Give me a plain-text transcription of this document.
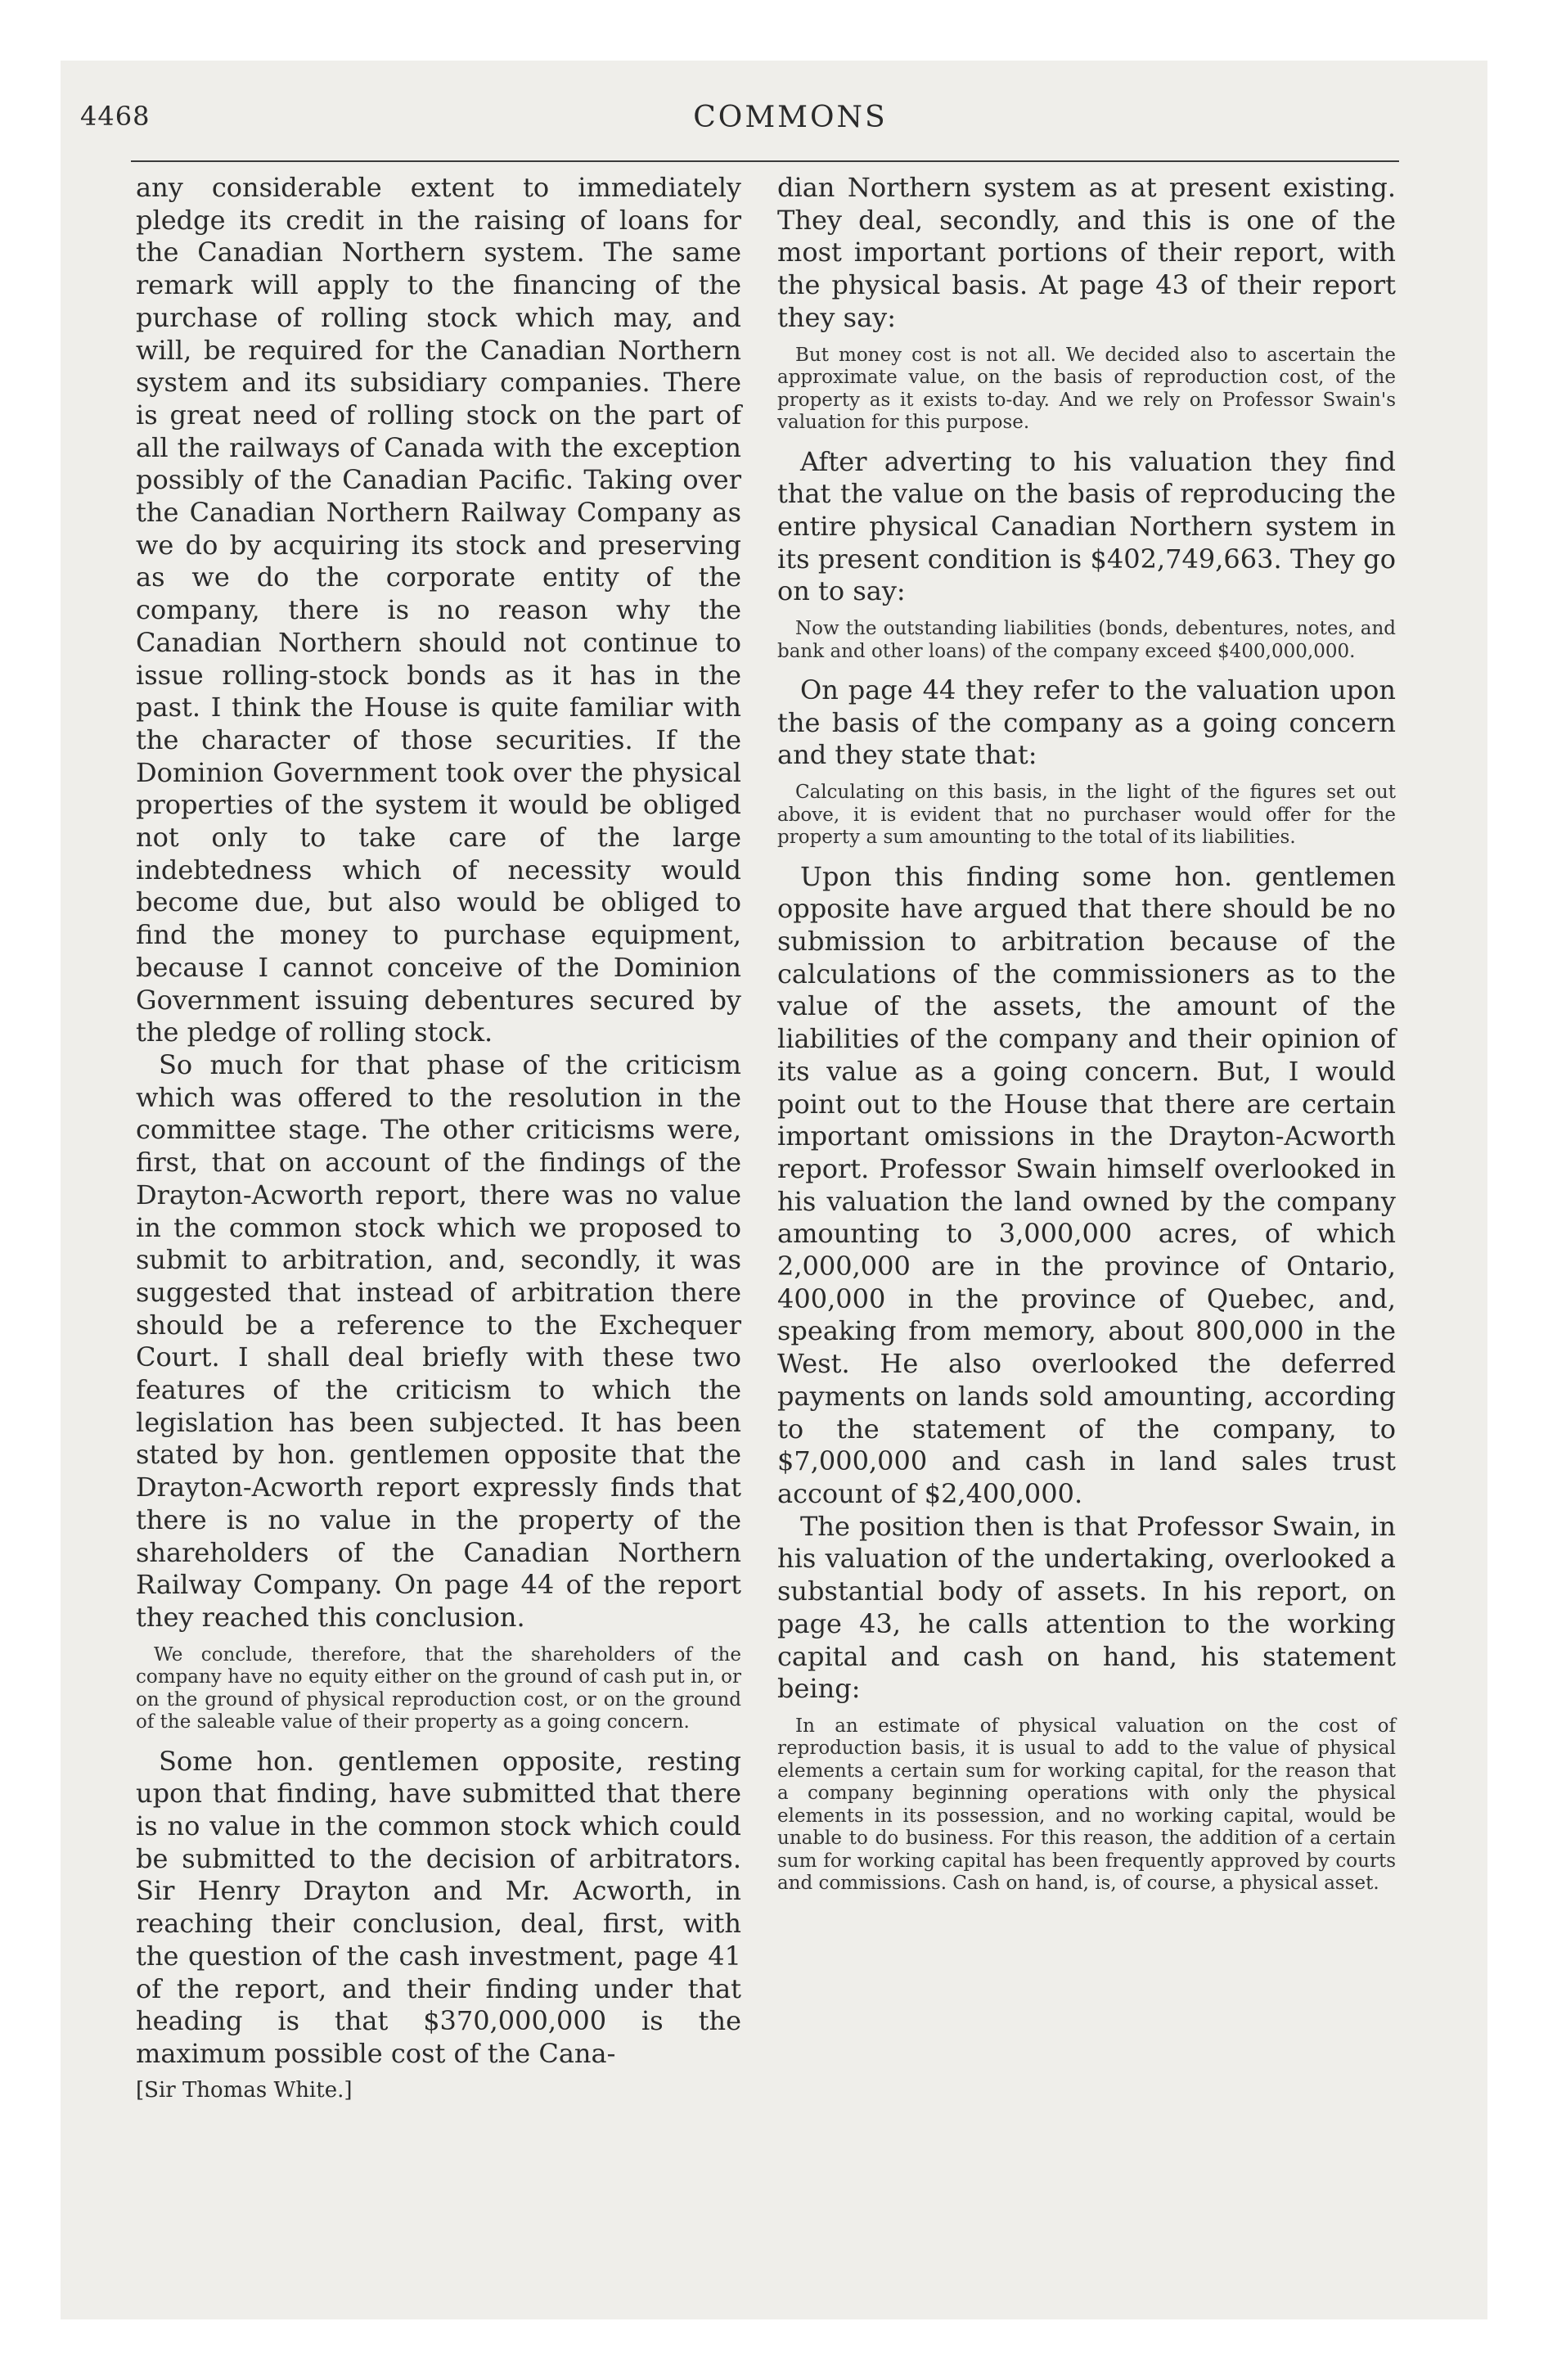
4468	COMMONS

any considerable extent to immediately pledge its credit in the raising of loans for the Canadian Northern system. The same remark will apply to the financing of the purchase of rolling stock which may, and will, be required for the Canadian Northern system and its subsidiary companies. There is great need of rolling stock on the part of all the railways of Canada with the exception possibly of the Canadian Pacific. Taking over the Canadian Northern Railway Company as we do by acquiring its stock and preserving as we do the corporate entity of the company, there is no reason why the Canadian Northern should not continue to issue rolling-stock bonds as it has in the past. I think the House is quite familiar with the character of those securities. If the Dominion Government took over the physical properties of the system it would be obliged not only to take care of the large indebtedness which of necessity would become due, but also would be obliged to find the money to purchase equipment, because I cannot conceive of the Dominion Government issuing debentures secured by the pledge of rolling stock.

So much for that phase of the criticism which was offered to the resolution in the committee stage. The other criticisms were, first, that on account of the findings of the Drayton-Acworth report, there was no value in the common stock which we proposed to submit to arbitration, and, secondly, it was suggested that instead of arbitration there should be a reference to the Exchequer Court. I shall deal briefly with these two features of the criticism to which the legislation has been subjected. It has been stated by hon. gentlemen opposite that the Drayton-Acworth report expressly finds that there is no value in the property of the shareholders of the Canadian Northern Railway Company. On page 44 of the report they reached this conclusion.

We conclude, therefore, that the shareholders of the company have no equity either on the ground of cash put in, or on the ground of physical reproduction cost, or on the ground of the saleable value of their property as a going concern.

Some hon. gentlemen opposite, resting upon that finding, have submitted that there is no value in the common stock which could be submitted to the decision of arbitrators. Sir Henry Drayton and Mr. Acworth, in reaching their conclusion, deal, first, with the question of the cash investment, page 41 of the report, and their finding under that heading is that $370,000,000 is the maximum possible cost of the Cana-

[Sir Thomas White.]

dian Northern system as at present existing. They deal, secondly, and this is one of the most important portions of their report, with the physical basis. At page 43 of their report they say:

But money cost is not all. We decided also to ascertain the approximate value, on the basis of reproduction cost, of the property as it exists to-day. And we rely on Professor Swain's valuation for this purpose.

After adverting to his valuation they find that the value on the basis of reproducing the entire physical Canadian Northern system in its present condition is $402,749,663. They go on to say:

Now the outstanding liabilities (bonds, debentures, notes, and bank and other loans) of the company exceed $400,000,000.

On page 44 they refer to the valuation upon the basis of the company as a going concern and they state that:

Calculating on this basis, in the light of the figures set out above, it is evident that no purchaser would offer for the property a sum amounting to the total of its liabilities.

Upon this finding some hon. gentlemen opposite have argued that there should be no submission to arbitration because of the calculations of the commissioners as to the value of the assets, the amount of the liabilities of the company and their opinion of its value as a going concern. But, I would point out to the House that there are certain important omissions in the Drayton-Acworth report. Professor Swain himself overlooked in his valuation the land owned by the company amounting to 3,000,000 acres, of which 2,000,000 are in the province of Ontario, 400,000 in the province of Quebec, and, speaking from memory, about 800,000 in the West. He also overlooked the deferred payments on lands sold amounting, according to the statement of the company, to $7,000,000 and cash in land sales trust account of $2,400,000.

The position then is that Professor Swain, in his valuation of the undertaking, overlooked a substantial body of assets. In his report, on page 43, he calls attention to the working capital and cash on hand, his statement being:

In an estimate of physical valuation on the cost of reproduction basis, it is usual to add to the value of physical elements a certain sum for working capital, for the reason that a company beginning operations with only the physical elements in its possession, and no working capital, would be unable to do business. For this reason, the addition of a certain sum for working capital has been frequently approved by courts and commissions. Cash on hand, is, of course, a physical asset.
